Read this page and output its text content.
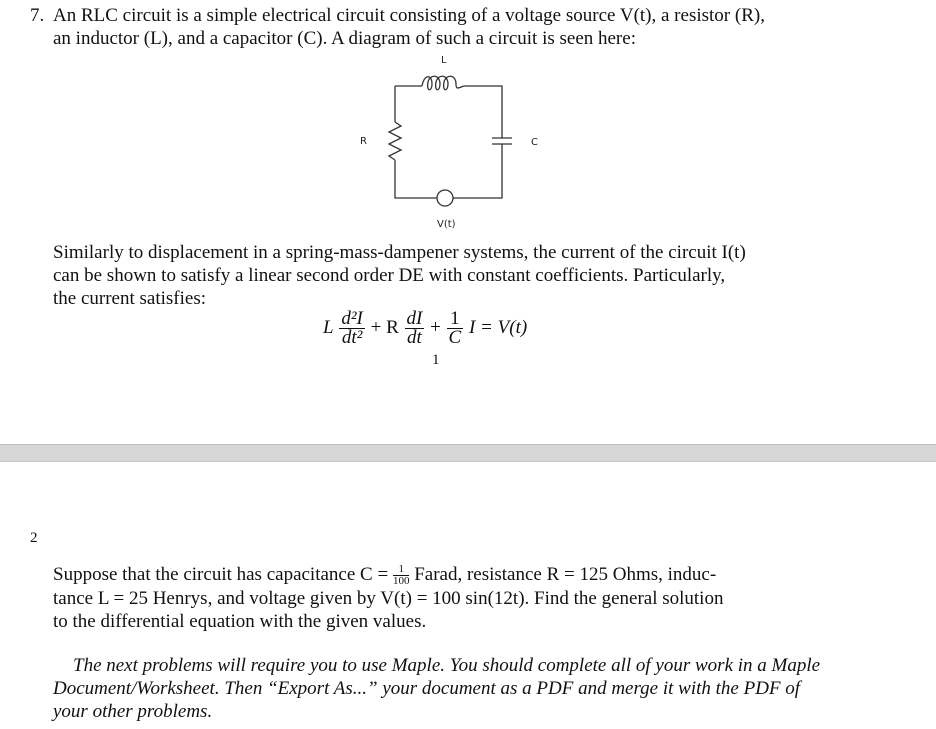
7. An RLC circuit is a simple electrical circuit consisting of a voltage source V(t), a resistor (R),
an inductor (L), and a capacitor (C). A diagram of such a circuit is seen here:
L
R	C
V(t)
Similarly to displacement in a spring-mass-dampener systems, the current of the circuit I(t)
can be shown to satisfy a linear second order DE with constant coefficients. Particularly,
the current satisfies:
L $\frac{\text{d²I}}{\text{dt²}} + R \frac{dI}{dt} + \frac{1}{C}$ I = V(t)
1
2
Suppose that the circuit has capacitance $C = \frac{1}{100}$ Farad, resistance R = 125 Ohms, induc-
tance L = 25 Henrys, and voltage given by V(t) = 100 sin(12t). Find the general solution
to the differential equation with the given values.
The next problems will require you to use Maple. You should complete all of your work in a Maple
Document/Worksheet. Then “Export As...” your document as a PDF and merge it with the PDF of
your other problems.
